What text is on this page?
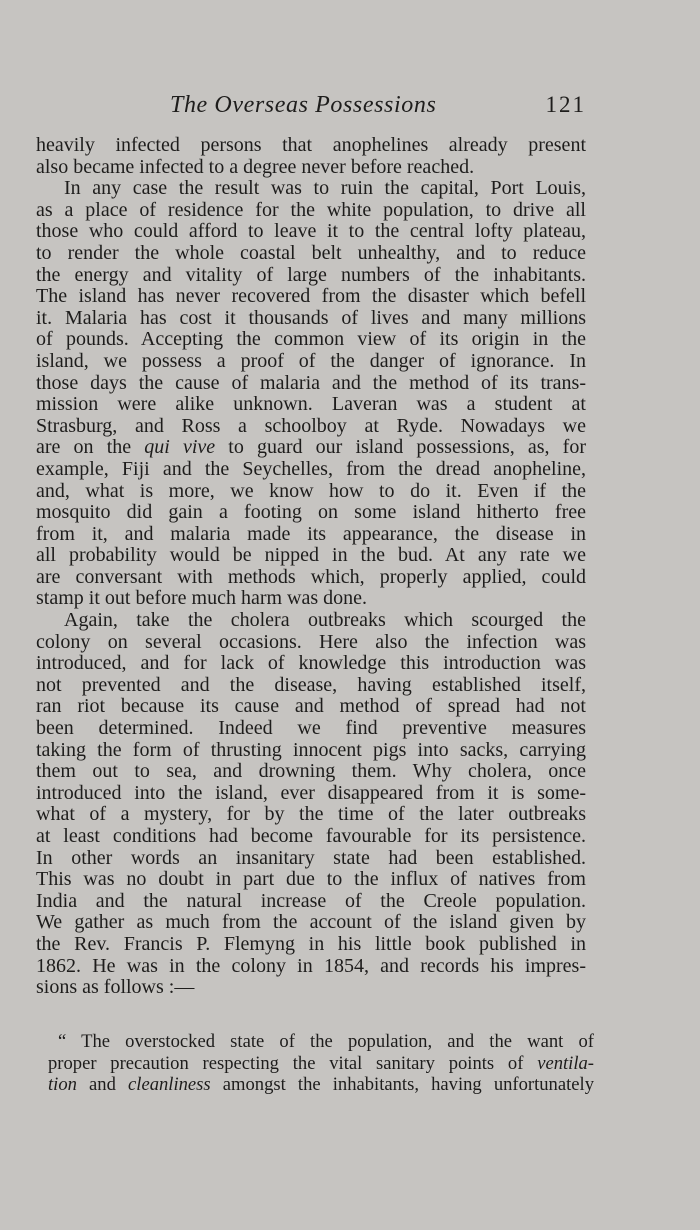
The Overseas Possessions	121
heavily infected persons that anophelines already present
also became infected to a degree never before reached.
In any case the result was to ruin the capital, Port Louis,
as a place of residence for the white population, to drive all
those who could afford to leave it to the central lofty plateau,
to render the whole coastal belt unhealthy, and to reduce
the energy and vitality of large numbers of the inhabitants.
The island has never recovered from the disaster which befell
it. Malaria has cost it thousands of lives and many millions
of pounds. Accepting the common view of its origin in the
island, we possess a proof of the danger of ignorance. In
those days the cause of malaria and the method of its trans-
mission were alike unknown. Laveran was a student at
Strasburg, and Ross a schoolboy at Ryde. Nowadays we
are on the qui vive to guard our island possessions, as, for
example, Fiji and the Seychelles, from the dread anopheline,
and, what is more, we know how to do it. Even if the
mosquito did gain a footing on some island hitherto free
from it, and malaria made its appearance, the disease in
all probability would be nipped in the bud. At any rate we
are conversant with methods which, properly applied, could
stamp it out before much harm was done.
Again, take the cholera outbreaks which scourged the
colony on several occasions. Here also the infection was
introduced, and for lack of knowledge this introduction was
not prevented and the disease, having established itself,
ran riot because its cause and method of spread had not
been determined. Indeed we find preventive measures
taking the form of thrusting innocent pigs into sacks, carrying
them out to sea, and drowning them. Why cholera, once
introduced into the island, ever disappeared from it is some-
what of a mystery, for by the time of the later outbreaks
at least conditions had become favourable for its persistence.
In other words an insanitary state had been established.
This was no doubt in part due to the influx of natives from
India and the natural increase of the Creole population.
We gather as much from the account of the island given by
the Rev. Francis P. Flemyng in his little book published in
1862. He was in the colony in 1854, and records his impres-
sions as follows :—
“ The overstocked state of the population, and the want of
proper precaution respecting the vital sanitary points of ventila-
tion and cleanliness amongst the inhabitants, having unfortunately
